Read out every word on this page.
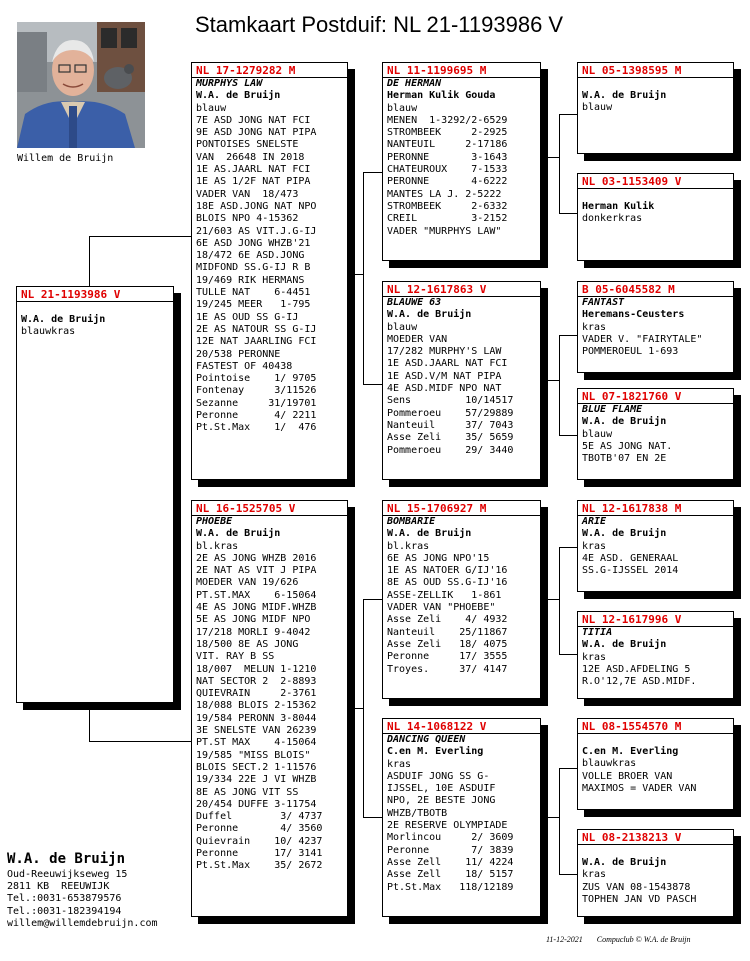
Stamkaart Postduif: NL 21-1193986 V
Willem de Bruijn
NL 21-1193986 V
W.A. de Bruijn
blauwkras
NL 17-1279282 M
MURPHYS LAW
W.A. de Bruijn
blauw
7E ASD JONG NAT FCI
9E ASD JONG NAT PIPA
PONTOISES SNELSTE
VAN  26648 IN 2018
1E AS.JAARL NAT FCI
1E AS 1/2F NAT PIPA
VADER VAN  18/473
18E ASD.JONG NAT NPO
BLOIS NPO 4-15362
21/603 AS VIT.J.G-IJ
6E ASD JONG WHZB'21
18/472 6E ASD.JONG
MIDFOND SS.G-IJ R B
19/469 RIK HERMANS
TULLE NAT    6-4451
19/245 MEER   1-795
1E AS OUD SS G-IJ
2E AS NATOUR SS G-IJ
12E NAT JAARLING FCI
20/538 PERONNE
FASTEST OF 40438
Pointoise    1/ 9705
Fontenay     3/11526
Sezanne     31/19701
Peronne      4/ 2211
Pt.St.Max    1/  476
NL 16-1525705 V
PHOEBE
W.A. de Bruijn
bl.kras
2E AS JONG WHZB 2016
2E NAT AS VIT J PIPA
MOEDER VAN 19/626
PT.ST.MAX    6-15064
4E AS JONG MIDF.WHZB
5E AS JONG MIDF NPO
17/218 MORLI 9-4042
18/500 8E AS JONG
VIT. RAY B SS
18/007  MELUN 1-1210
NAT SECTOR 2  2-8893
QUIEVRAIN     2-3761
18/088 BLOIS 2-15362
19/584 PERONN 3-8044
3E SNELSTE VAN 26239
PT.ST MAX    4-15064
19/585 "MISS BLOIS"
BLOIS SECT.2 1-11576
19/334 22E J VI WHZB
8E AS JONG VIT SS
20/454 DUFFE 3-11754
Duffel        3/ 4737
Peronne       4/ 3560
Quievrain    10/ 4237
Peronne      17/ 3141
Pt.St.Max    35/ 2672
NL 11-1199695 M
DE HERMAN
Herman Kulik Gouda
blauw
MENEN  1-3292/2-6529
STROMBEEK     2-2925
NANTEUIL     2-17186
PERONNE       3-1643
CHATEUROUX    7-1533
PERONNE       4-6222
MANTES LA J. 2-5222
STROMBEEK     2-6332
CREIL         3-2152
VADER "MURPHYS LAW"
NL 12-1617863 V
BLAUWE 63
W.A. de Bruijn
blauw
MOEDER VAN
17/282 MURPHY'S LAW
1E ASD.JAARL NAT FCI
1E ASD.V/M NAT PIPA
4E ASD.MIDF NPO NAT
Sens         10/14517
Pommeroeu    57/29889
Nanteuil     37/ 7043
Asse Zeli    35/ 5659
Pommeroeu    29/ 3440
NL 15-1706927 M
BOMBARIE
W.A. de Bruijn
bl.kras
6E AS JONG NPO'15
1E AS NATOER G/IJ'16
8E AS OUD SS.G-IJ'16
ASSE-ZELLIK   1-861
VADER VAN "PHOEBE"
Asse Zeli    4/ 4932
Nanteuil    25/11867
Asse Zeli   18/ 4075
Peronne     17/ 3555
Troyes.     37/ 4147
NL 14-1068122 V
DANCING QUEEN
C.en M. Everling
kras
ASDUIF JONG SS G-
IJSSEL, 10E ASDUIF
NPO, 2E BESTE JONG
WHZB/TBOTB
2E RESERVE OLYMPIADE
Morlincou     2/ 3609
Peronne       7/ 3839
Asse Zell    11/ 4224
Asse Zell    18/ 5157
Pt.St.Max   118/12189
NL 05-1398595 M
W.A. de Bruijn
blauw
NL 03-1153409 V
Herman Kulik
donkerkras
B 05-6045582 M
FANTAST
Heremans-Ceusters
kras
VADER V. "FAIRYTALE"
POMMEROEUL 1-693
NL 07-1821760 V
BLUE FLAME
W.A. de Bruijn
blauw
5E AS JONG NAT.
TBOTB'07 EN 2E
NL 12-1617838 M
ARIE
W.A. de Bruijn
kras
4E ASD. GENERAAL
SS.G-IJSSEL 2014
NL 12-1617996 V
TITIA
W.A. de Bruijn
kras
12E ASD.AFDELING 5
R.O'12,7E ASD.MIDF.
NL 08-1554570 M
C.en M. Everling
blauwkras
VOLLE BROER VAN
MAXIMOS = VADER VAN
NL 08-2138213 V
W.A. de Bruijn
kras
ZUS VAN 08-1543878
TOPHEN JAN VD PASCH
W.A. de Bruijn
Oud-Reeuwijkseweg 15
2811 KB  REEUWIJK
Tel.:0031-653879576
Tel.:0031-182394194
willem@willemdebruijn.com
11-12-2021 Compuclub © W.A. de Bruijn
